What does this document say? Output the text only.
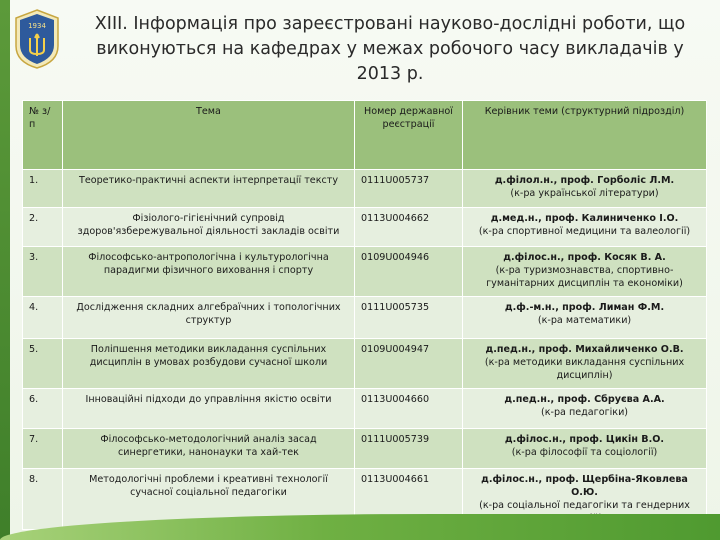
1934	XIII. Інформація про зареєстровані науково-дослідні роботи, що виконуються на кафедрах у межах робочого часу викладачів у 2013 р.
№ з/п	Тема	Номер державної реєстрації	Керівник теми (структурний підрозділ)
1.	Теоретико-практичні аспекти інтерпретації тексту	0111U005737	д.філол.н., проф. Горболіс Л.М.
(к-ра української літератури)

2.	Фізіолого-гігієнічний супровід здоров'язбережувальної діяльності закладів освіти	0113U004662	д.мед.н., проф. Калиниченко І.О.
(к-ра спортивної медицини та валеології)

3.	Філософсько-антропологічна і культурологічна парадигми фізичного виховання і спорту	0109U004946	д.філос.н., проф. Косяк В. А.
(к-ра туризмознавства, спортивно-гуманітарних дисциплін та економіки)

4.	Дослідження складних алгебраїчних і топологічних структур	0111U005735	д.ф.-м.н., проф. Лиман Ф.М.
(к-ра математики)

5.	Поліпшення методики викладання суспільних дисциплін в умовах розбудови сучасної школи	0109U004947	д.пед.н., проф. Михайличенко О.В.
(к-ра методики викладання суспільних дисциплін)

6.	Інноваційні підходи до управління якістю освіти	0113U004660	д.пед.н., проф. Сбруєва А.А.
(к-ра педагогіки)

7.	Філософсько-методологічний аналіз засад синергетики, нанонауки та хай-тек	0111U005739	д.філос.н., проф. Цикін В.О.
(к-ра філософії та соціології)

8.	Методологічні проблеми і креативні технології сучасної соціальної педагогіки	0113U004661	д.філос.н., проф. Щербіна-Яковлева О.Ю.
(к-ра соціальної педагогіки та гендерних
